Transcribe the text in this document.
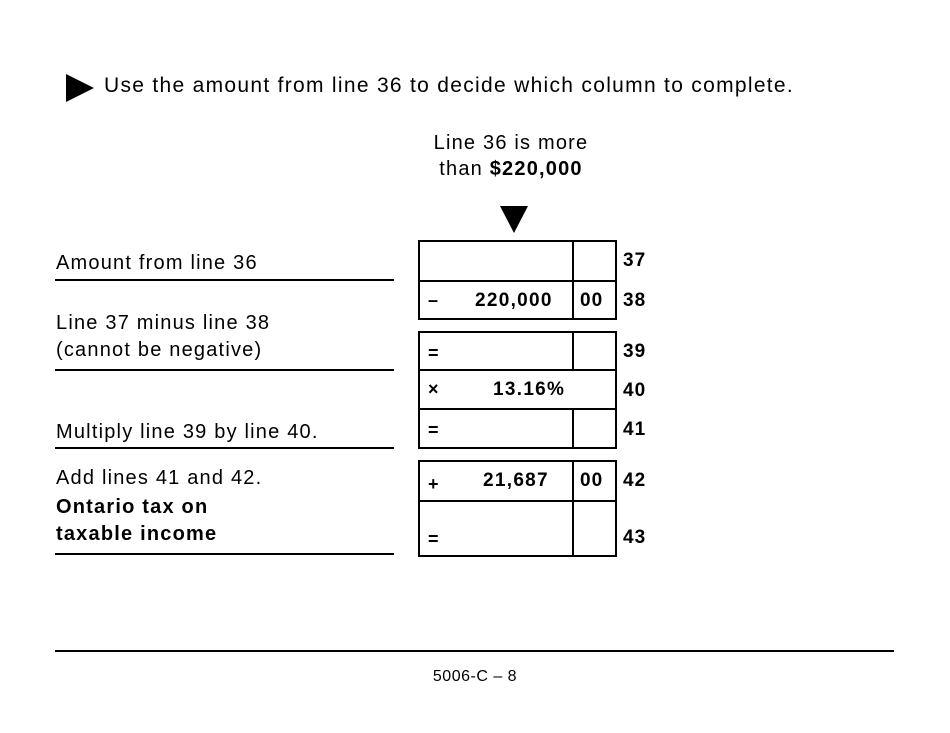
Use the amount from line 36 to decide which column to complete.
Line 36 is more
than $220,000
Amount from line 36
Line 37 minus line 38
(cannot be negative)
Multiply line 39 by line 40.
Add lines 41 and 42.
Ontario tax on
taxable income
– 220,000 00
37
38
=
×	13.16%
=
39
40
41
+ 21,687 00
=
42
43
5006-C – 8
